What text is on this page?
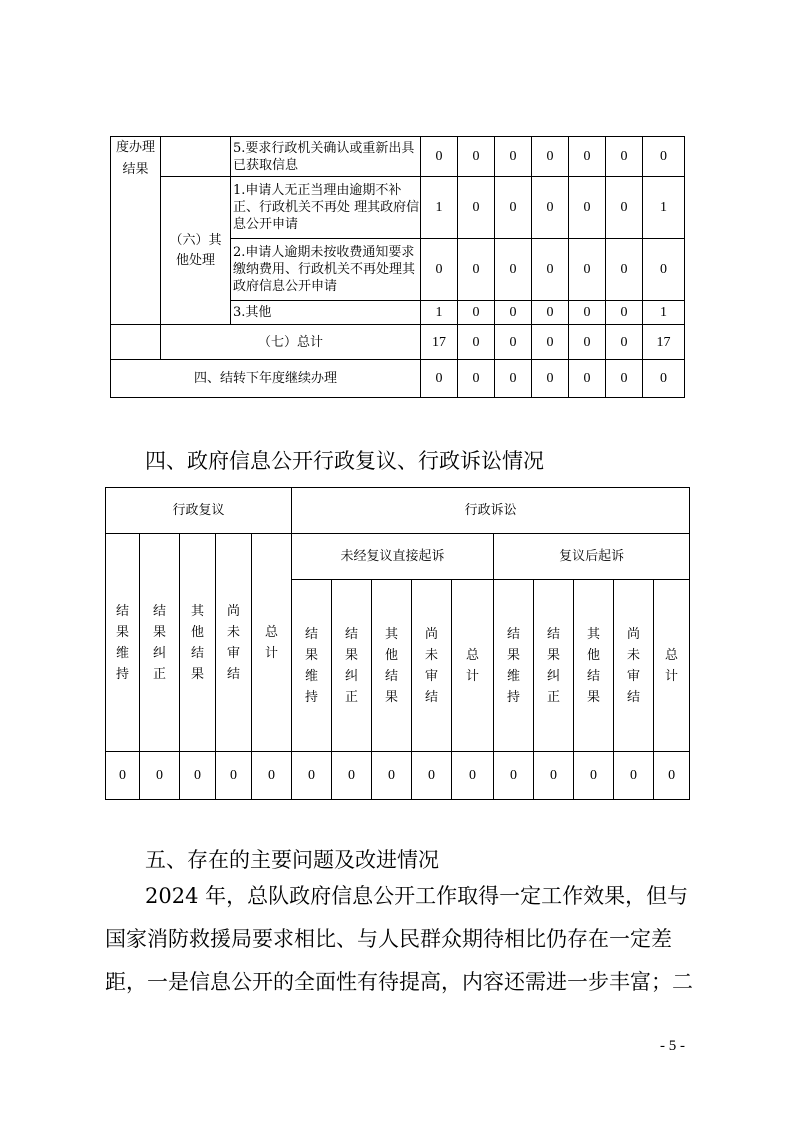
度办理结果		5.要求行政机关确认或重新出具已获取信息	0	0	0	0	0	0	0
	（六）其他处理	1.申请人无正当理由逾期不补正、行政机关不再处 理其政府信息公开申请	1	0	0	0	0	0	1
		2.申请人逾期未按收费通知要求缴纳费用、行政机关不再处理其政府信息公开申请	0	0	0	0	0	0	0
		3.其他	1	0	0	0	0	0	1
	（七）总计		17	0	0	0	0	0	17
四、结转下年度继续办理			0	0	0	0	0	0	0
四、政府信息公开行政复议、行政诉讼情况
行政复议					行政诉讼									
结果维持	结果纠正	其他结果	尚未审结	总计	未经复议直接起诉					复议后起诉				
					结果维持	结果纠正	其他结果	尚未审结	总计	结果维持	结果纠正	其他结果	尚未审结	总计
0	0	0	0	0	0	0	0	0	0	0	0	0	0	0
五、存在的主要问题及改进情况
2024 年，总队政府信息公开工作取得一定工作效果，但与
国家消防救援局要求相比、与人民群众期待相比仍存在一定差
距，一是信息公开的全面性有待提高，内容还需进一步丰富；二
- 5 -
